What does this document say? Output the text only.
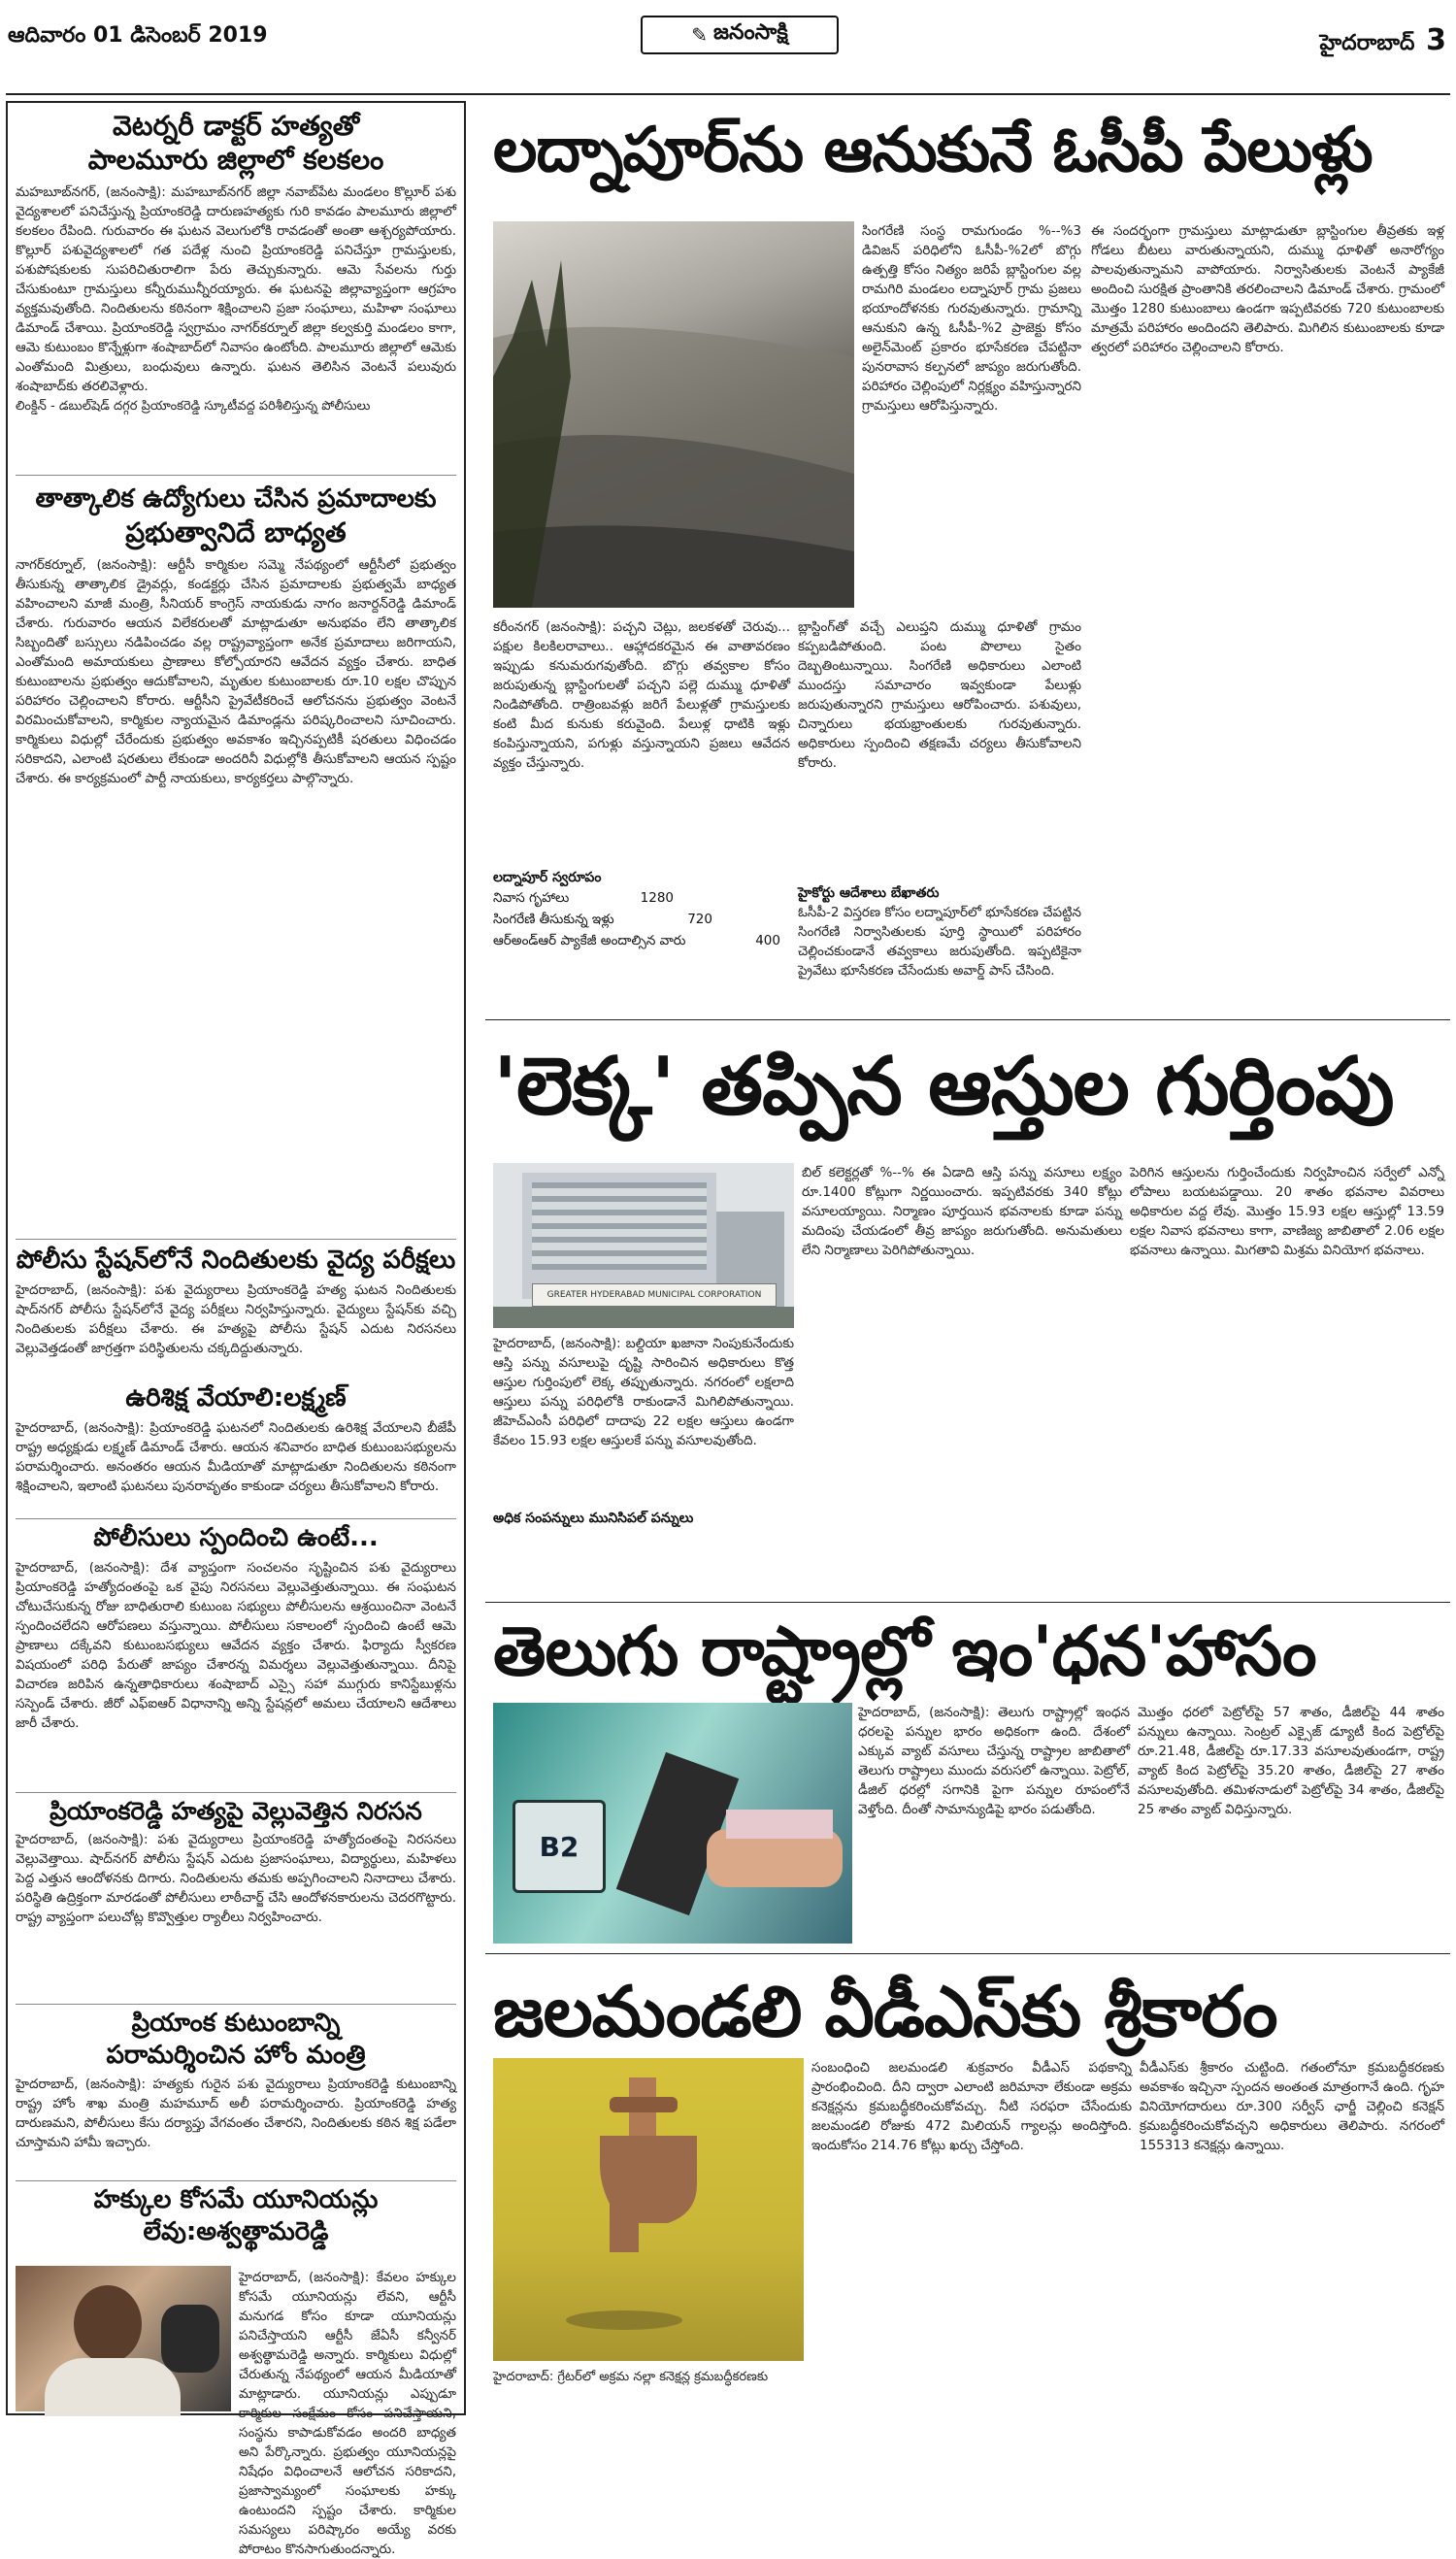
ఆదివారం 01 డిసెంబర్ 2019	✎ జనంసాక్షి	హైదరాబాద్ 3
వెటర్నరీ డాక్టర్ హత్యతో
పాలమూరు జిల్లాలో కలకలం
మహబూబ్‌నగర్, (జనంసాక్షి): మహబూబ్‌నగర్ జిల్లా నవాబ్‌పేట మండలం కొల్లూర్ పశు వైద్యశాలలో పనిచేస్తున్న ప్రియాంకరెడ్డి దారుణహత్యకు గురి కావడం పాలమూరు జిల్లాలో కలకలం రేపింది. గురువారం ఈ ఘటన వెలుగులోకి రావడంతో అంతా ఆశ్చర్యపోయారు. కొల్లూర్ పశువైద్యశాలలో గత పదేళ్ల నుంచి ప్రియాంకరెడ్డి పనిచేస్తూ గ్రామస్తులకు, పశుపోషకులకు సుపరిచితురాలిగా పేరు తెచ్చుకున్నారు. ఆమె సేవలను గుర్తు చేసుకుంటూ గ్రామస్తులు కన్నీరుమున్నీరయ్యారు. ఈ ఘటనపై జిల్లావ్యాప్తంగా ఆగ్రహం వ్యక్తమవుతోంది. నిందితులను కఠినంగా శిక్షించాలని ప్రజా సంఘాలు, మహిళా సంఘాలు డిమాండ్ చేశాయి. ప్రియాంకరెడ్డి స్వగ్రామం నాగర్‌కర్నూల్ జిల్లా కల్వకుర్తి మండలం కాగా, ఆమె కుటుంబం కొన్నేళ్లుగా శంషాబాద్‌లో నివాసం ఉంటోంది. పాలమూరు జిల్లాలో ఆమెకు ఎంతోమంది మిత్రులు, బంధువులు ఉన్నారు. ఘటన తెలిసిన వెంటనే పలువురు శంషాబాద్‌కు తరలివెళ్లారు.
లింక్డిన్ - డబుల్‌షెడ్ దగ్గర ప్రియాంకరెడ్డి స్కూటీవద్ద పరిశీలిస్తున్న పోలీసులు
తాత్కాలిక ఉద్యోగులు చేసిన ప్రమాదాలకు
ప్రభుత్వానిదే బాధ్యత
నాగర్‌కర్నూల్, (జనంసాక్షి): ఆర్టీసీ కార్మికుల సమ్మె నేపథ్యంలో ఆర్టీసీలో ప్రభుత్వం తీసుకున్న తాత్కాలిక డ్రైవర్లు, కండక్టర్లు చేసిన ప్రమాదాలకు ప్రభుత్వమే బాధ్యత వహించాలని మాజీ మంత్రి, సీనియర్ కాంగ్రెస్ నాయకుడు నాగం జనార్దన్‌రెడ్డి డిమాండ్ చేశారు. గురువారం ఆయన విలేకరులతో మాట్లాడుతూ అనుభవం లేని తాత్కాలిక సిబ్బందితో బస్సులు నడిపించడం వల్ల రాష్ట్రవ్యాప్తంగా అనేక ప్రమాదాలు జరిగాయని, ఎంతోమంది అమాయకులు ప్రాణాలు కోల్పోయారని ఆవేదన వ్యక్తం చేశారు. బాధిత కుటుంబాలను ప్రభుత్వం ఆదుకోవాలని, మృతుల కుటుంబాలకు రూ.10 లక్షల చొప్పున పరిహారం చెల్లించాలని కోరారు. ఆర్టీసీని ప్రైవేటీకరించే ఆలోచనను ప్రభుత్వం వెంటనే విరమించుకోవాలని, కార్మికుల న్యాయమైన డిమాండ్లను పరిష్కరించాలని సూచించారు. కార్మికులు విధుల్లో చేరేందుకు ప్రభుత్వం అవకాశం ఇచ్చినప్పటికీ షరతులు విధించడం సరికాదని, ఎలాంటి షరతులు లేకుండా అందరినీ విధుల్లోకి తీసుకోవాలని ఆయన స్పష్టం చేశారు. ఈ కార్యక్రమంలో పార్టీ నాయకులు, కార్యకర్తలు పాల్గొన్నారు.
పోలీసు స్టేషన్‌లోనే నిందితులకు వైద్య పరీక్షలు
హైదరాబాద్, (జనంసాక్షి): పశు వైద్యురాలు ప్రియాంకరెడ్డి హత్య ఘటన నిందితులకు షాద్‌నగర్ పోలీసు స్టేషన్‌లోనే వైద్య పరీక్షలు నిర్వహిస్తున్నారు. వైద్యులు స్టేషన్‌కు వచ్చి నిందితులకు పరీక్షలు చేశారు. ఈ హత్యపై పోలీసు స్టేషన్ ఎదుట నిరసనలు వెల్లువెత్తడంతో జాగ్రత్తగా పరిస్థితులను చక్కదిద్దుతున్నారు.
ఉరిశిక్ష వేయాలి:లక్ష్మణ్
హైదరాబాద్, (జనంసాక్షి): ప్రియాంకరెడ్డి ఘటనలో నిందితులకు ఉరిశిక్ష వేయాలని బీజేపీ రాష్ట్ర అధ్యక్షుడు లక్ష్మణ్ డిమాండ్ చేశారు. ఆయన శనివారం బాధిత కుటుంబసభ్యులను పరామర్శించారు. అనంతరం ఆయన మీడియాతో మాట్లాడుతూ నిందితులను కఠినంగా శిక్షించాలని, ఇలాంటి ఘటనలు పునరావృతం కాకుండా చర్యలు తీసుకోవాలని కోరారు.
పోలీసులు స్పందించి ఉంటే...
హైదరాబాద్, (జనంసాక్షి): దేశ వ్యాప్తంగా సంచలనం సృష్టించిన పశు వైద్యురాలు ప్రియాంకరెడ్డి హత్యోదంతంపై ఒక వైపు నిరసనలు వెల్లువెత్తుతున్నాయి. ఈ సంఘటన చోటుచేసుకున్న రోజు బాధితురాలి కుటుంబ సభ్యులు పోలీసులను ఆశ్రయించినా వెంటనే స్పందించలేదని ఆరోపణలు వస్తున్నాయి. పోలీసులు సకాలంలో స్పందించి ఉంటే ఆమె ప్రాణాలు దక్కేవని కుటుంబసభ్యులు ఆవేదన వ్యక్తం చేశారు. ఫిర్యాదు స్వీకరణ విషయంలో పరిధి పేరుతో జాప్యం చేశారన్న విమర్శలు వెల్లువెత్తుతున్నాయి. దీనిపై విచారణ జరిపిన ఉన్నతాధికారులు శంషాబాద్ ఎస్సై సహా ముగ్గురు కానిస్టేబుళ్లను సస్పెండ్ చేశారు. జీరో ఎఫ్‌ఐఆర్ విధానాన్ని అన్ని స్టేషన్లలో అమలు చేయాలని ఆదేశాలు జారీ చేశారు.
ప్రియాంకరెడ్డి హత్యపై వెల్లువెత్తిన నిరసన
హైదరాబాద్, (జనంసాక్షి): పశు వైద్యురాలు ప్రియాంకరెడ్డి హత్యోదంతంపై నిరసనలు వెల్లువెత్తాయి. షాద్‌నగర్ పోలీసు స్టేషన్ ఎదుట ప్రజాసంఘాలు, విద్యార్థులు, మహిళలు పెద్ద ఎత్తున ఆందోళనకు దిగారు. నిందితులను తమకు అప్పగించాలని నినాదాలు చేశారు. పరిస్థితి ఉద్రిక్తంగా మారడంతో పోలీసులు లాఠీచార్జ్ చేసి ఆందోళనకారులను చెదరగొట్టారు. రాష్ట్ర వ్యాప్తంగా పలుచోట్ల కొవ్వొత్తుల ర్యాలీలు నిర్వహించారు.
ప్రియాంక కుటుంబాన్ని
పరామర్శించిన హోం మంత్రి
హైదరాబాద్, (జనంసాక్షి): హత్యకు గురైన పశు వైద్యురాలు ప్రియాంకరెడ్డి కుటుంబాన్ని రాష్ట్ర హోం శాఖ మంత్రి మహమూద్ అలీ పరామర్శించారు. ప్రియాంకరెడ్డి హత్య దారుణమని, పోలీసులు కేసు దర్యాప్తు వేగవంతం చేశారని, నిందితులకు కఠిన శిక్ష పడేలా చూస్తామని హామీ ఇచ్చారు.
హక్కుల కోసమే యూనియన్లు
లేవు:అశ్వత్థామరెడ్డి
హైదరాబాద్, (జనంసాక్షి): కేవలం హక్కుల కోసమే యూనియన్లు లేవని, ఆర్టీసీ మనుగడ కోసం కూడా యూనియన్లు పనిచేస్తాయని ఆర్టీసీ జేఏసీ కన్వీనర్ అశ్వత్థామరెడ్డి అన్నారు. కార్మికులు విధుల్లో చేరుతున్న నేపథ్యంలో ఆయన మీడియాతో మాట్లాడారు. యూనియన్లు ఎప్పుడూ కార్మికుల సంక్షేమం కోసం పనిచేస్తాయని, సంస్థను కాపాడుకోవడం అందరి బాధ్యత అని పేర్కొన్నారు. ప్రభుత్వం యూనియన్లపై నిషేధం విధించాలనే ఆలోచన సరికాదని, ప్రజాస్వామ్యంలో సంఘాలకు హక్కు ఉంటుందని స్పష్టం చేశారు. కార్మికుల సమస్యలు పరిష్కారం అయ్యే వరకు పోరాటం కొనసాగుతుందన్నారు.
లద్నాపూర్‌ను ఆనుకునే ఓసీపీ పేలుళ్లు
సింగరేణి సంస్థ రామగుండం %--%3 డివిజన్ పరిధిలోని ఓసీపీ-%2లో బొగ్గు ఉత్పత్తి కోసం నిత్యం జరిపే బ్లాస్టింగుల వల్ల రామగిరి మండలం లద్నాపూర్ గ్రామ ప్రజలు భయాందోళనకు గురవుతున్నారు. గ్రామాన్ని ఆనుకుని ఉన్న ఓసీపీ-%2 ప్రాజెక్టు కోసం అలైన్‌మెంట్ ప్రకారం భూసేకరణ చేపట్టినా పునరావాస కల్పనలో జాప్యం జరుగుతోంది. పరిహారం చెల్లింపులో నిర్లక్ష్యం వహిస్తున్నారని గ్రామస్తులు ఆరోపిస్తున్నారు.
ఈ సందర్భంగా గ్రామస్తులు మాట్లాడుతూ బ్లాస్టింగుల తీవ్రతకు ఇళ్ల గోడలు బీటలు వారుతున్నాయని, దుమ్ము ధూళితో అనారోగ్యం పాలవుతున్నామని వాపోయారు. నిర్వాసితులకు వెంటనే ప్యాకేజీ అందించి సురక్షిత ప్రాంతానికి తరలించాలని డిమాండ్ చేశారు. గ్రామంలో మొత్తం 1280 కుటుంబాలు ఉండగా ఇప్పటివరకు 720 కుటుంబాలకు మాత్రమే పరిహారం అందిందని తెలిపారు. మిగిలిన కుటుంబాలకు కూడా త్వరలో పరిహారం చెల్లించాలని కోరారు.
కరీంనగర్ (జనంసాక్షి): పచ్చని చెట్లు, జలకళతో చెరువు... పక్షుల కిలకిలరావాలు.. ఆహ్లాదకరమైన ఈ వాతావరణం ఇప్పుడు కనుమరుగవుతోంది. బొగ్గు తవ్వకాల కోసం జరుపుతున్న బ్లాస్టింగులతో పచ్చని పల్లె దుమ్ము ధూళితో నిండిపోతోంది. రాత్రింబవళ్లు జరిగే పేలుళ్లతో గ్రామస్తులకు కంటి మీద కునుకు కరువైంది. పేలుళ్ల ధాటికి ఇళ్లు కంపిస్తున్నాయని, పగుళ్లు వస్తున్నాయని ప్రజలు ఆవేదన వ్యక్తం చేస్తున్నారు.
లద్నాపూర్ స్వరూపం
నివాస గృహాలు	1280
సింగరేణి తీసుకున్న ఇళ్లు	720
ఆర్‌అండ్‌ఆర్ ప్యాకేజీ అందాల్సిన వారు	400
బ్లాస్టింగ్‌తో వచ్చే ఎలుప్తని దుమ్ము ధూళితో గ్రామం కప్పబడిపోతుంది. పంట పొలాలు సైతం దెబ్బతింటున్నాయి. సింగరేణి అధికారులు ఎలాంటి ముందస్తు సమాచారం ఇవ్వకుండా పేలుళ్లు జరుపుతున్నారని గ్రామస్తులు ఆరోపించారు. పశువులు, చిన్నారులు భయభ్రాంతులకు గురవుతున్నారు. అధికారులు స్పందించి తక్షణమే చర్యలు తీసుకోవాలని కోరారు.
హైకోర్టు ఆదేశాలు బేఖాతరు
ఓసీపీ-2 విస్తరణ కోసం లద్నాపూర్‌లో భూసేకరణ చేపట్టిన సింగరేణి నిర్వాసితులకు పూర్తి స్థాయిలో పరిహారం చెల్లించకుండానే తవ్వకాలు జరుపుతోంది. ఇప్పటికైనా ప్రైవేటు భూసేకరణ చేసేందుకు అవార్డ్ పాస్ చేసింది.
'లెక్క' తప్పిన ఆస్తుల గుర్తింపు
GREATER HYDERABAD MUNICIPAL CORPORATION
హైదరాబాద్, (జనంసాక్షి): బల్దియా ఖజానా నింపుకునేందుకు ఆస్తి పన్ను వసూలుపై దృష్టి సారించిన అధికారులు కొత్త ఆస్తుల గుర్తింపులో లెక్క తప్పుతున్నారు. నగరంలో లక్షలాది ఆస్తులు పన్ను పరిధిలోకి రాకుండానే మిగిలిపోతున్నాయి. జీహెచ్‌ఎంసీ పరిధిలో దాదాపు 22 లక్షల ఆస్తులు ఉండగా కేవలం 15.93 లక్షల ఆస్తులకే పన్ను వసూలవుతోంది.
అధిక సంపన్నులు మునిసిపల్ పన్నులు
బిల్ కలెక్టర్లతో %--% ఈ ఏడాది ఆస్తి పన్ను వసూలు లక్ష్యం రూ.1400 కోట్లుగా నిర్ణయించారు. ఇప్పటివరకు 340 కోట్లు వసూలయ్యాయి. నిర్మాణం పూర్తయిన భవనాలకు కూడా పన్ను మదింపు చేయడంలో తీవ్ర జాప్యం జరుగుతోంది. అనుమతులు లేని నిర్మాణాలు పెరిగిపోతున్నాయి.
పెరిగిన ఆస్తులను గుర్తించేందుకు నిర్వహించిన సర్వేలో ఎన్నో లోపాలు బయటపడ్డాయి. 20 శాతం భవనాల వివరాలు అధికారుల వద్ద లేవు. మొత్తం 15.93 లక్షల ఆస్తుల్లో 13.59 లక్షల నివాస భవనాలు కాగా, వాణిజ్య జాబితాలో 2.06 లక్షల భవనాలు ఉన్నాయి. మిగతావి మిశ్రమ వినియోగ భవనాలు.
తెలుగు రాష్ట్రాల్లో ఇం'ధన'హాసం
B2
హైదరాబాద్, (జనంసాక్షి): తెలుగు రాష్ట్రాల్లో ఇంధన ధరలపై పన్నుల భారం అధికంగా ఉంది. దేశంలో ఎక్కువ వ్యాట్ వసూలు చేస్తున్న రాష్ట్రాల జాబితాలో తెలుగు రాష్ట్రాలు ముందు వరుసలో ఉన్నాయి. పెట్రోల్, డీజిల్ ధరల్లో సగానికి పైగా పన్నుల రూపంలోనే వెళ్తోంది. దీంతో సామాన్యుడిపై భారం పడుతోంది.
మొత్తం ధరలో పెట్రోల్‌పై 57 శాతం, డీజిల్‌పై 44 శాతం పన్నులు ఉన్నాయి. సెంట్రల్ ఎక్సైజ్ డ్యూటీ కింద పెట్రోల్‌పై రూ.21.48, డీజిల్‌పై రూ.17.33 వసూలవుతుండగా, రాష్ట్ర వ్యాట్ కింద పెట్రోల్‌పై 35.20 శాతం, డీజిల్‌పై 27 శాతం వసూలవుతోంది. తమిళనాడులో పెట్రోల్‌పై 34 శాతం, డీజిల్‌పై 25 శాతం వ్యాట్ విధిస్తున్నారు.
జలమండలి వీడీఎస్‌కు శ్రీకారం
హైదరాబాద్: గ్రేటర్‌లో అక్రమ నల్లా కనెక్షన్ల క్రమబద్ధీకరణకు
సంబంధించి జలమండలి శుక్రవారం వీడీఎస్ పథకాన్ని ప్రారంభించింది. దీని ద్వారా ఎలాంటి జరిమానా లేకుండా అక్రమ కనెక్షన్లను క్రమబద్ధీకరించుకోవచ్చు. నీటి సరఫరా చేసేందుకు జలమండలి రోజుకు 472 మిలియన్ గ్యాలన్లు అందిస్తోంది. ఇందుకోసం 214.76 కోట్లు ఖర్చు చేస్తోంది.
వీడీఎస్‌కు శ్రీకారం చుట్టింది. గతంలోనూ క్రమబద్ధీకరణకు అవకాశం ఇచ్చినా స్పందన అంతంత మాత్రంగానే ఉంది. గృహ వినియోగదారులు రూ.300 సర్వీస్ ఛార్జీ చెల్లించి కనెక్షన్ క్రమబద్ధీకరించుకోవచ్చని అధికారులు తెలిపారు. నగరంలో 155313 కనెక్షన్లు ఉన్నాయి.
